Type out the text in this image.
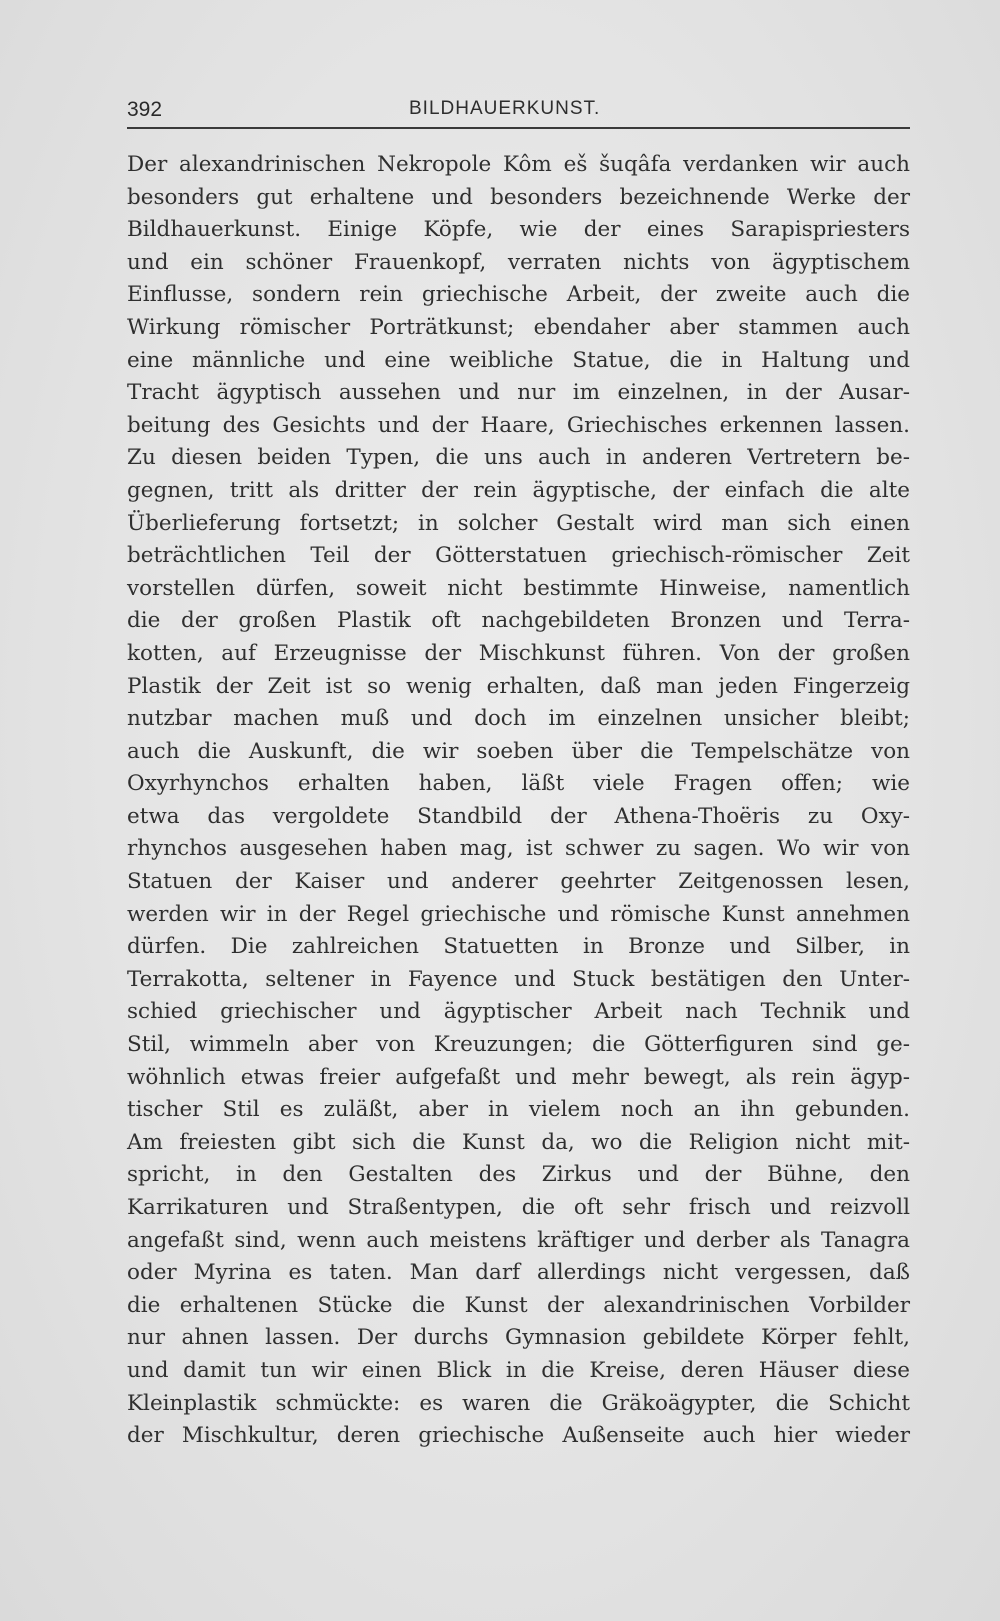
392	BILDHAUERKUNST.
Der alexandrinischen Nekropole Kôm eš šuqâfa verdanken wir auch
besonders gut erhaltene und besonders bezeichnende Werke der
Bildhauerkunst. Einige Köpfe, wie der eines Sarapispriesters
und ein schöner Frauenkopf, verraten nichts von ägyptischem
Einflusse, sondern rein griechische Arbeit, der zweite auch die
Wirkung römischer Porträtkunst; ebendaher aber stammen auch
eine männliche und eine weibliche Statue, die in Haltung und
Tracht ägyptisch aussehen und nur im einzelnen, in der Ausar-
beitung des Gesichts und der Haare, Griechisches erkennen lassen.
Zu diesen beiden Typen, die uns auch in anderen Vertretern be-
gegnen, tritt als dritter der rein ägyptische, der einfach die alte
Überlieferung fortsetzt; in solcher Gestalt wird man sich einen
beträchtlichen Teil der Götterstatuen griechisch-römischer Zeit
vorstellen dürfen, soweit nicht bestimmte Hinweise, namentlich
die der großen Plastik oft nachgebildeten Bronzen und Terra-
kotten, auf Erzeugnisse der Mischkunst führen. Von der großen
Plastik der Zeit ist so wenig erhalten, daß man jeden Fingerzeig
nutzbar machen muß und doch im einzelnen unsicher bleibt;
auch die Auskunft, die wir soeben über die Tempelschätze von
Oxyrhynchos erhalten haben, läßt viele Fragen offen; wie
etwa das vergoldete Standbild der Athena-Thoëris zu Oxy-
rhynchos ausgesehen haben mag, ist schwer zu sagen. Wo wir von
Statuen der Kaiser und anderer geehrter Zeitgenossen lesen,
werden wir in der Regel griechische und römische Kunst annehmen
dürfen. Die zahlreichen Statuetten in Bronze und Silber, in
Terrakotta, seltener in Fayence und Stuck bestätigen den Unter-
schied griechischer und ägyptischer Arbeit nach Technik und
Stil, wimmeln aber von Kreuzungen; die Götterfiguren sind ge-
wöhnlich etwas freier aufgefaßt und mehr bewegt, als rein ägyp-
tischer Stil es zuläßt, aber in vielem noch an ihn gebunden.
Am freiesten gibt sich die Kunst da, wo die Religion nicht mit-
spricht, in den Gestalten des Zirkus und der Bühne, den
Karrikaturen und Straßentypen, die oft sehr frisch und reizvoll
angefaßt sind, wenn auch meistens kräftiger und derber als Tanagra
oder Myrina es taten. Man darf allerdings nicht vergessen, daß
die erhaltenen Stücke die Kunst der alexandrinischen Vorbilder
nur ahnen lassen. Der durchs Gymnasion gebildete Körper fehlt,
und damit tun wir einen Blick in die Kreise, deren Häuser diese
Kleinplastik schmückte: es waren die Gräkoägypter, die Schicht
der Mischkultur, deren griechische Außenseite auch hier wieder
